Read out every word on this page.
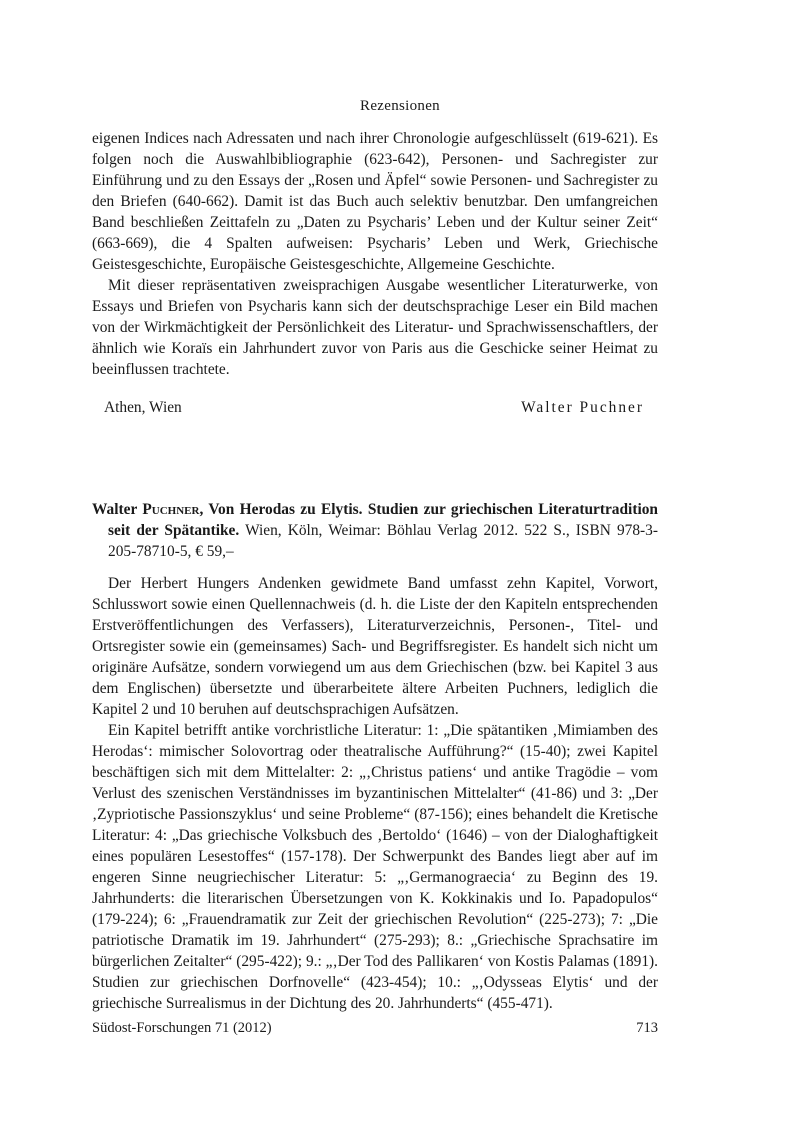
Rezensionen

eigenen Indices nach Adressaten und nach ihrer Chronologie aufgeschlüsselt (619-621). Es folgen noch die Auswahlbibliographie (623-642), Personen- und Sachregister zur Einführung und zu den Essays der „Rosen und Äpfel“ sowie Personen- und Sachregister zu den Briefen (640-662). Damit ist das Buch auch selektiv benutzbar. Den umfangreichen Band beschließen Zeittafeln zu „Daten zu Psycharis’ Leben und der Kultur seiner Zeit“ (663-669), die 4 Spalten aufweisen: Psycharis’ Leben und Werk, Griechische Geistesgeschichte, Europäische Geistesgeschichte, Allgemeine Geschichte.

Mit dieser repräsentativen zweisprachigen Ausgabe wesentlicher Literaturwerke, von Essays und Briefen von Psycharis kann sich der deutschsprachige Leser ein Bild machen von der Wirkmächtigkeit der Persönlichkeit des Literatur- und Sprachwissenschaftlers, der ähnlich wie Koraïs ein Jahrhundert zuvor von Paris aus die Geschicke seiner Heimat zu beeinflussen trachtete.

Athen, Wien	Walter Puchner
Walter Puchner, Von Herodas zu Elytis. Studien zur griechischen Literaturtradition seit der Spätantike. Wien, Köln, Weimar: Böhlau Verlag 2012. 522 S., ISBN 978-3-205-78710-5, € 59,–

Der Herbert Hungers Andenken gewidmete Band umfasst zehn Kapitel, Vorwort, Schlusswort sowie einen Quellennachweis (d. h. die Liste der den Kapiteln entsprechenden Erstveröffentlichungen des Verfassers), Literaturverzeichnis, Personen-, Titel- und Ortsregister sowie ein (gemeinsames) Sach- und Begriffsregister. Es handelt sich nicht um originäre Aufsätze, sondern vorwiegend um aus dem Griechischen (bzw. bei Kapitel 3 aus dem Englischen) übersetzte und überarbeitete ältere Arbeiten Puchners, lediglich die Kapitel 2 und 10 beruhen auf deutschsprachigen Aufsätzen.

Ein Kapitel betrifft antike vorchristliche Literatur: 1: „Die spätantiken ‚Mimiamben des Herodas‘: mimischer Solovortrag oder theatralische Aufführung?“ (15-40); zwei Kapitel beschäftigen sich mit dem Mittelalter: 2: „‚Christus patiens‘ und antike Tragödie – vom Verlust des szenischen Verständnisses im byzantinischen Mittelalter“ (41-86) und 3: „Der ‚Zypriotische Passionszyklus‘ und seine Probleme“ (87-156); eines behandelt die Kretische Literatur: 4: „Das griechische Volksbuch des ‚Bertoldo‘ (1646) – von der Dialoghaftigkeit eines populären Lesestoffes“ (157-178). Der Schwerpunkt des Bandes liegt aber auf im engeren Sinne neugriechischer Literatur: 5: „‚Germanograecia‘ zu Beginn des 19. Jahrhunderts: die literarischen Übersetzungen von K. Kokkinakis und Io. Papadopulos“ (179-224); 6: „Frauendramatik zur Zeit der griechischen Revolution“ (225-273); 7: „Die patriotische Dramatik im 19. Jahrhundert“ (275-293); 8.: „Griechische Sprachsatire im bürgerlichen Zeitalter“ (295-422); 9.: „‚Der Tod des Pallikaren‘ von Kostis Palamas (1891). Studien zur griechischen Dorfnovelle“ (423-454); 10.: „‚Odysseas Elytis‘ und der griechische Surrealismus in der Dichtung des 20. Jahrhunderts“ (455-471).

Südost-Forschungen 71 (2012)	713
